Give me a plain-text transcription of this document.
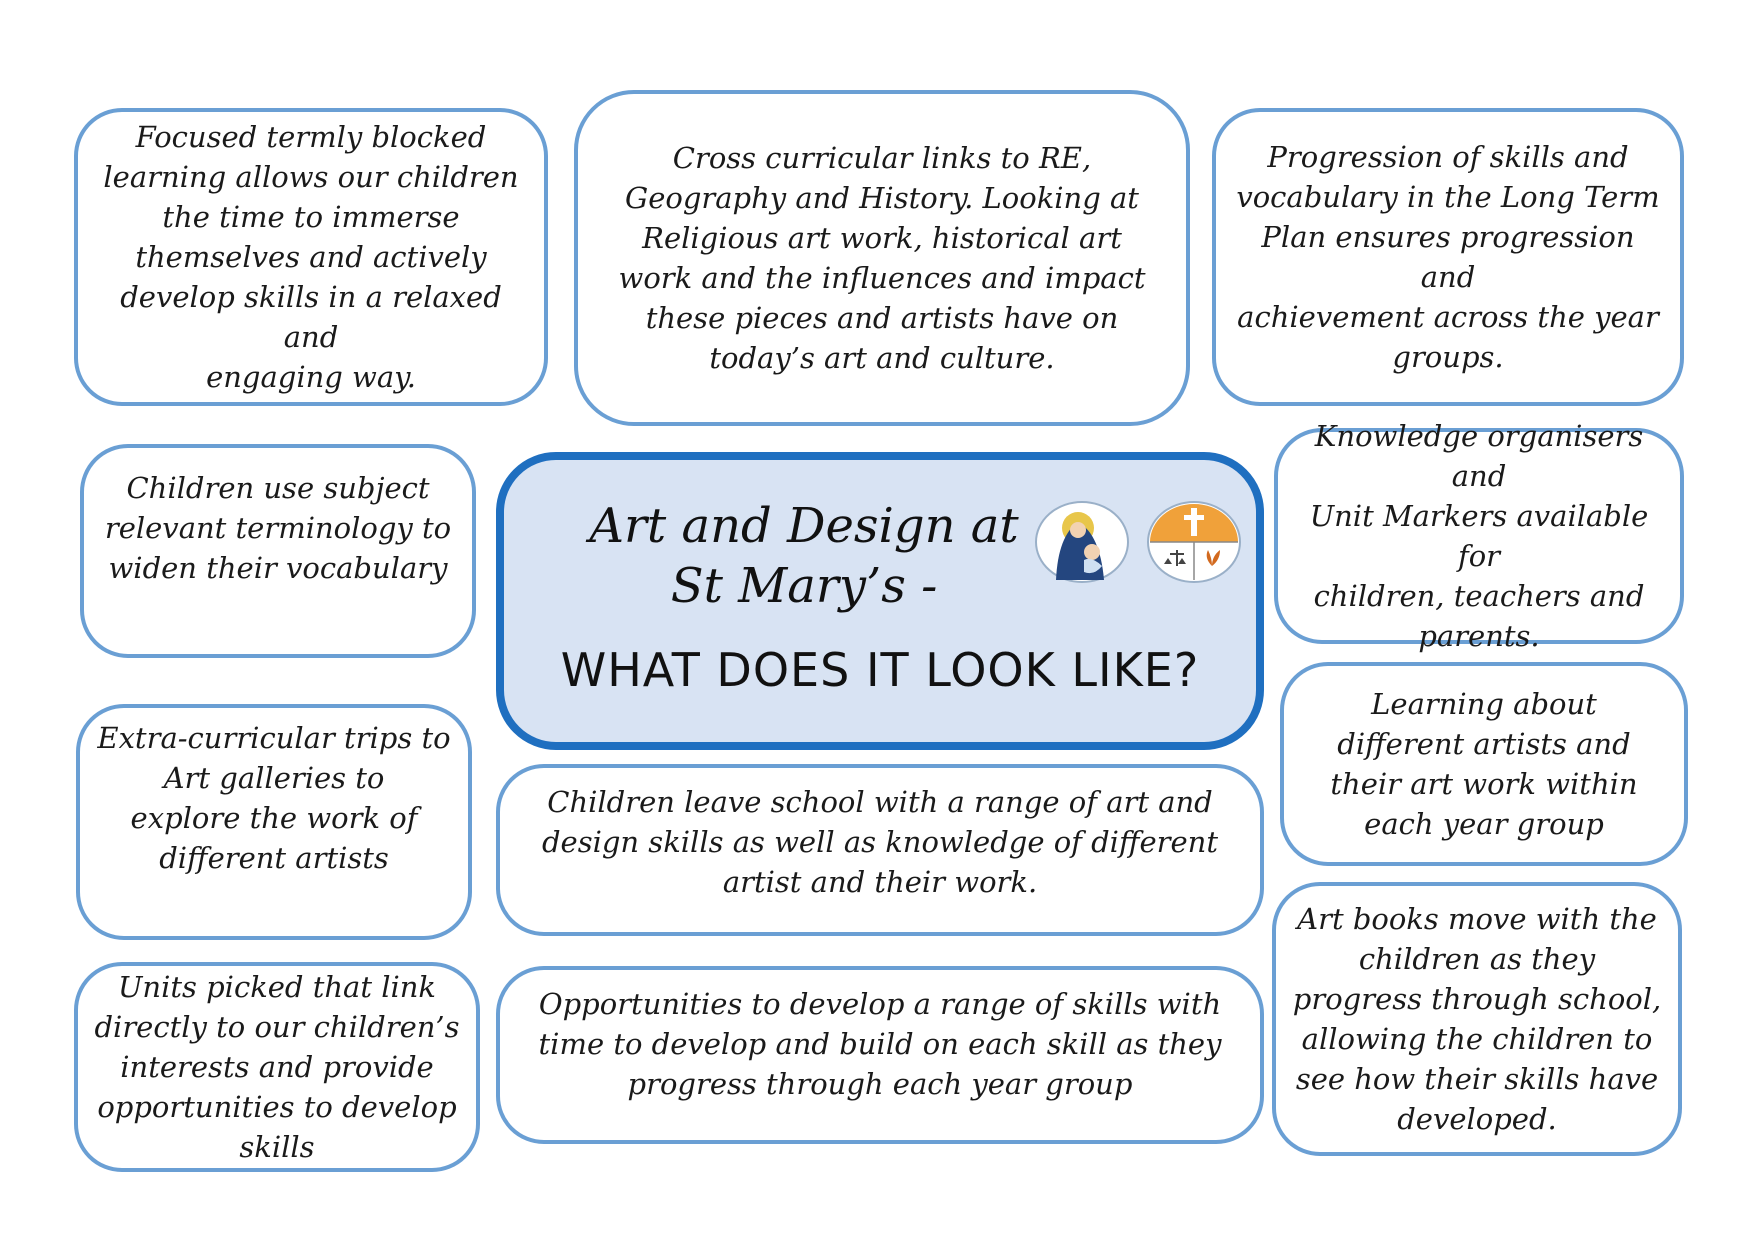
Focused termly blocked
learning allows our children
the time to immerse
themselves and actively
develop skills in a relaxed and
engaging way.

Cross curricular links to RE,
Geography and History. Looking at
Religious art work, historical art
work and the influences and impact
these pieces and artists have on
today’s art and culture.

Progression of skills and
vocabulary in the Long Term
Plan ensures progression and
achievement across the year
groups.

Children use subject
relevant terminology to
widen their vocabulary

Extra-curricular trips to
Art galleries to
explore the work of
different artists

Units picked that link
directly to our children’s
interests and provide
opportunities to develop
skills

Art and Design at
St Mary’s -

WHAT DOES IT LOOK LIKE?

Children leave school with a range of art and
design skills as well as knowledge of different
artist and their work.

Opportunities to develop a range of skills with
time to develop and build on each skill as they
progress through each year group

Knowledge organisers and
Unit Markers available for
children, teachers and
parents.

Learning about
different artists and
their art work within
each year group

Art books move with the
children as they
progress through school,
allowing the children to
see how their skills have
developed.
